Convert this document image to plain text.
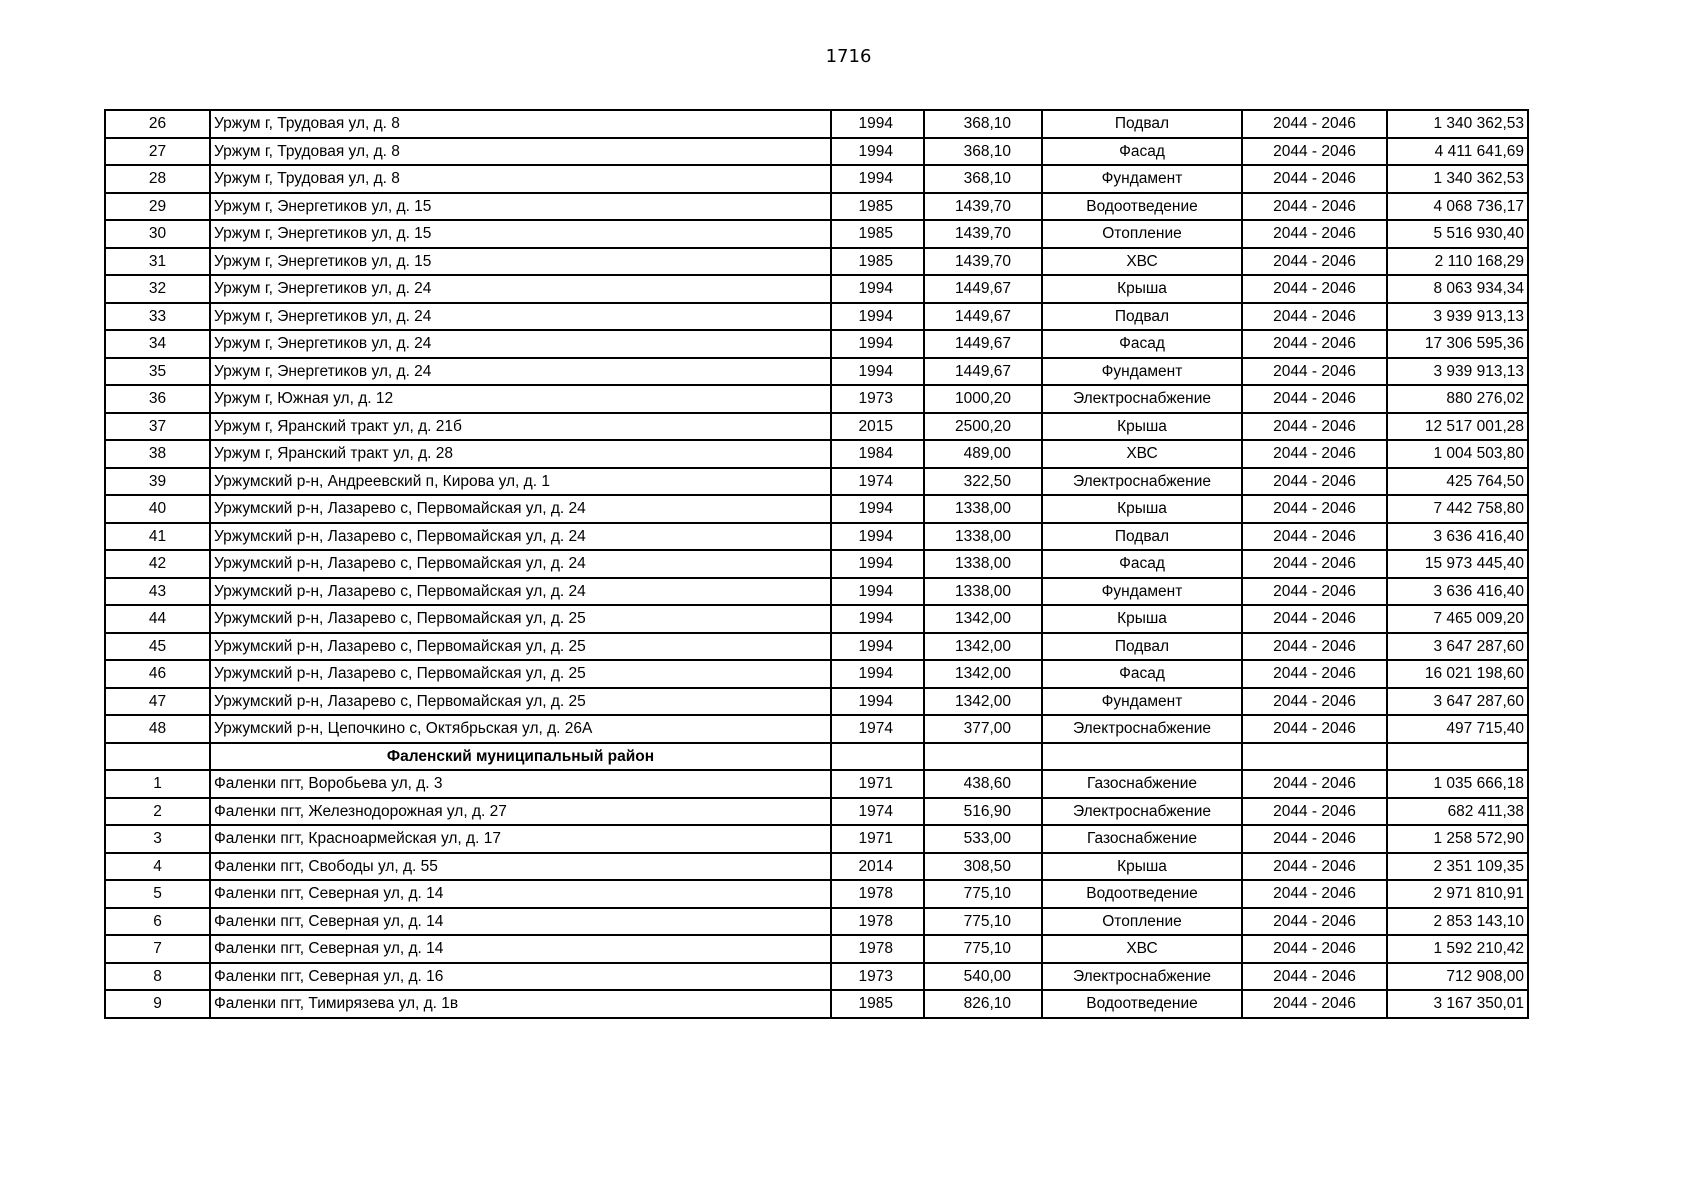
1716
26	Уржум г, Трудовая ул, д. 8	1994	368,10	Подвал	2044 - 2046	1 340 362,53
27	Уржум г, Трудовая ул, д. 8	1994	368,10	Фасад	2044 - 2046	4 411 641,69
28	Уржум г, Трудовая ул, д. 8	1994	368,10	Фундамент	2044 - 2046	1 340 362,53
29	Уржум г, Энергетиков ул, д. 15	1985	1439,70	Водоотведение	2044 - 2046	4 068 736,17
30	Уржум г, Энергетиков ул, д. 15	1985	1439,70	Отопление	2044 - 2046	5 516 930,40
31	Уржум г, Энергетиков ул, д. 15	1985	1439,70	ХВС	2044 - 2046	2 110 168,29
32	Уржум г, Энергетиков ул, д. 24	1994	1449,67	Крыша	2044 - 2046	8 063 934,34
33	Уржум г, Энергетиков ул, д. 24	1994	1449,67	Подвал	2044 - 2046	3 939 913,13
34	Уржум г, Энергетиков ул, д. 24	1994	1449,67	Фасад	2044 - 2046	17 306 595,36
35	Уржум г, Энергетиков ул, д. 24	1994	1449,67	Фундамент	2044 - 2046	3 939 913,13
36	Уржум г, Южная ул, д. 12	1973	1000,20	Электроснабжение	2044 - 2046	880 276,02
37	Уржум г, Яранский тракт ул, д. 21б	2015	2500,20	Крыша	2044 - 2046	12 517 001,28
38	Уржум г, Яранский тракт ул, д. 28	1984	489,00	ХВС	2044 - 2046	1 004 503,80
39	Уржумский р-н, Андреевский п, Кирова ул, д. 1	1974	322,50	Электроснабжение	2044 - 2046	425 764,50
40	Уржумский р-н, Лазарево с, Первомайская ул, д. 24	1994	1338,00	Крыша	2044 - 2046	7 442 758,80
41	Уржумский р-н, Лазарево с, Первомайская ул, д. 24	1994	1338,00	Подвал	2044 - 2046	3 636 416,40
42	Уржумский р-н, Лазарево с, Первомайская ул, д. 24	1994	1338,00	Фасад	2044 - 2046	15 973 445,40
43	Уржумский р-н, Лазарево с, Первомайская ул, д. 24	1994	1338,00	Фундамент	2044 - 2046	3 636 416,40
44	Уржумский р-н, Лазарево с, Первомайская ул, д. 25	1994	1342,00	Крыша	2044 - 2046	7 465 009,20
45	Уржумский р-н, Лазарево с, Первомайская ул, д. 25	1994	1342,00	Подвал	2044 - 2046	3 647 287,60
46	Уржумский р-н, Лазарево с, Первомайская ул, д. 25	1994	1342,00	Фасад	2044 - 2046	16 021 198,60
47	Уржумский р-н, Лазарево с, Первомайская ул, д. 25	1994	1342,00	Фундамент	2044 - 2046	3 647 287,60
48	Уржумский р-н, Цепочкино с, Октябрьская ул, д. 26А	1974	377,00	Электроснабжение	2044 - 2046	497 715,40
	Фаленский муниципальный район					
1	Фаленки пгт, Воробьева ул, д. 3	1971	438,60	Газоснабжение	2044 - 2046	1 035 666,18
2	Фаленки пгт, Железнодорожная ул, д. 27	1974	516,90	Электроснабжение	2044 - 2046	682 411,38
3	Фаленки пгт, Красноармейская ул, д. 17	1971	533,00	Газоснабжение	2044 - 2046	1 258 572,90
4	Фаленки пгт, Свободы ул, д. 55	2014	308,50	Крыша	2044 - 2046	2 351 109,35
5	Фаленки пгт, Северная ул, д. 14	1978	775,10	Водоотведение	2044 - 2046	2 971 810,91
6	Фаленки пгт, Северная ул, д. 14	1978	775,10	Отопление	2044 - 2046	2 853 143,10
7	Фаленки пгт, Северная ул, д. 14	1978	775,10	ХВС	2044 - 2046	1 592 210,42
8	Фаленки пгт, Северная ул, д. 16	1973	540,00	Электроснабжение	2044 - 2046	712 908,00
9	Фаленки пгт, Тимирязева ул, д. 1в	1985	826,10	Водоотведение	2044 - 2046	3 167 350,01
